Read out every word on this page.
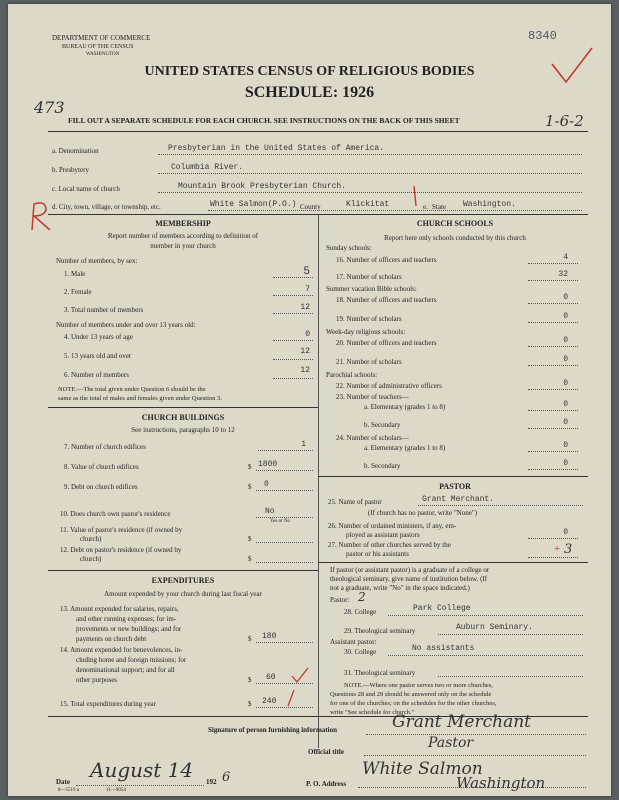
DEPARTMENT OF COMMERCE
BUREAU OF THE CENSUS
WASHINGTON
8340
UNITED STATES CENSUS OF RELIGIOUS BODIES
SCHEDULE: 1926
473
FILL OUT A SEPARATE SCHEDULE FOR EACH CHURCH. SEE INSTRUCTIONS ON THE BACK OF THIS SHEET	1-6-2
a. Denomination	Presbyterian in the United States of America.
b. Presbytery	Columbia River.
c. Local name of church	Mountain Brook Presbyterian Church.
d. City, town, village, or township, etc.	White Salmon(P.O.) County	Klickitat	e. State Washington.
MEMBERSHIP
Report number of members according to definition of
member in your church
Number of members, by sex:
1. Male	5
2. Female	7
3. Total number of members	12
Number of members under and over 13 years old:
4. Under 13 years of age	0
5. 13 years old and over	12
6. Number of members	12
NOTE.—The total given under Question 6 should be the
same as the total of males and females given under Question 3.
CHURCH BUILDINGS
See instructions, paragraphs 10 to 12
7. Number of church edifices	1
8. Value of church edifices	$ 1800
9. Debt on church edifices	$ 0
10. Does church own pastor's residence	No
Yes or No
11. Value of pastor's residence (if owned by
church)	$
12. Debt on pastor's residence (if owned by
church)	$
EXPENDITURES
Amount expended by your church during last fiscal year
13. Amount expended for salaries, repairs,
and other running expenses; for im-
provements or new buildings; and for
payments on church debt	$ 180
14. Amount expended for benevolences, in-
cluding home and foreign missions; for
denominational support; and for all
other purposes	$ 60
15. Total expenditures during year	$ 240
CHURCH SCHOOLS
Report here only schools conducted by this church
Sunday schools:
16. Number of officers and teachers	4
17. Number of scholars	32
Summer vacation Bible schools:
18. Number of officers and teachers	0
19. Number of scholars	0
Week-day religious schools:
20. Number of officers and teachers	0
21. Number of scholars	0
Parochial schools:
22. Number of administrative officers	0
23. Number of teachers—
a. Elementary (grades 1 to 8)	0
b. Secondary	0
24. Number of scholars—
a. Elementary (grades 1 to 8)	0
b. Secondary	0
PASTOR
25. Name of pastor	Grant Merchant.
(If church has no pastor, write "None")
26. Number of ordained ministers, if any, em-
ployed as assistant pastors	0
27. Number of other churches served by the
pastor or his assistants	3
+
If pastor (or assistant pastor) is a graduate of a college or
theological seminary, give name of institution below. (If
not a graduate, write "No" in the space indicated.)
Pastor: 2
28. College	Park College
29. Theological seminary	Auburn Seminary.
Assistant pastor:
30. College	No assistants
31. Theological seminary
NOTE.—Where one pastor serves two or more churches,
Questions 28 and 29 should be answered only on the schedule
for one of the churches; on the schedules for the other churches,
write "See schedule for church."
Signature of person furnishing information	Grant Merchant
Official title
Pastor
Date August 14 192 6
8—5519 a	11—9054
P. O. Address
White Salmon
Washington
